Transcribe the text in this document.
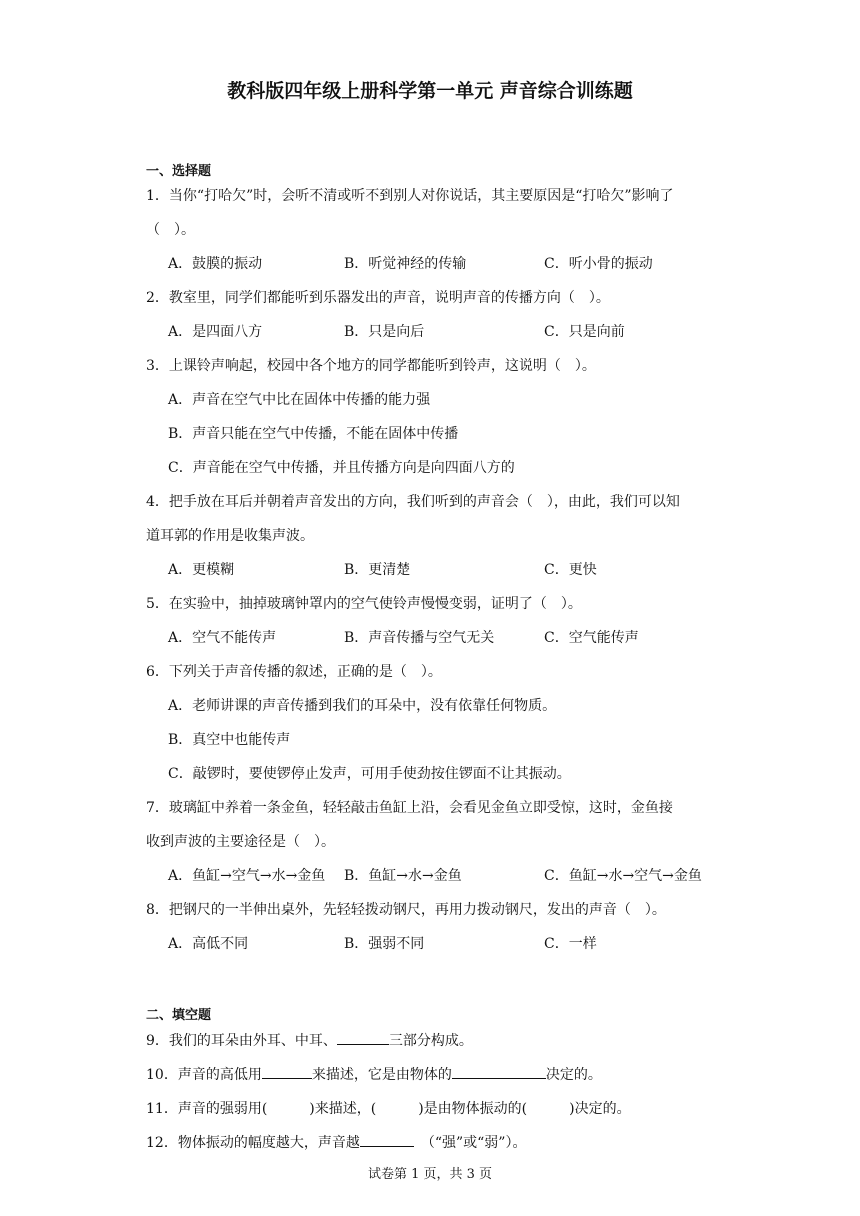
教科版四年级上册科学第一单元 声音综合训练题
一、选择题
1．当你“打哈欠”时，会听不清或听不到别人对你说话，其主要原因是“打哈欠”影响了
（　）。
A．鼓膜的振动	B．听觉神经的传输	C．听小骨的振动
2．教室里，同学们都能听到乐器发出的声音，说明声音的传播方向（　）。
A．是四面八方	B．只是向后	C．只是向前
3．上课铃声响起，校园中各个地方的同学都能听到铃声，这说明（　）。
A．声音在空气中比在固体中传播的能力强
B．声音只能在空气中传播，不能在固体中传播
C．声音能在空气中传播，并且传播方向是向四面八方的
4．把手放在耳后并朝着声音发出的方向，我们听到的声音会（　），由此，我们可以知
道耳郭的作用是收集声波。
A．更模糊	B．更清楚	C．更快
5．在实验中，抽掉玻璃钟罩内的空气使铃声慢慢变弱，证明了（　）。
A．空气不能传声	B．声音传播与空气无关	C．空气能传声
6．下列关于声音传播的叙述，正确的是（　）。
A．老师讲课的声音传播到我们的耳朵中，没有依靠任何物质。
B．真空中也能传声
C．敲锣时，要使锣停止发声，可用手使劲按住锣面不让其振动。
7．玻璃缸中养着一条金鱼，轻轻敲击鱼缸上沿，会看见金鱼立即受惊，这时，金鱼接
收到声波的主要途径是（　）。
A．鱼缸→空气→水→金鱼 B．鱼缸→水→金鱼	C．鱼缸→水→空气→金鱼
8．把钢尺的一半伸出桌外，先轻轻拨动钢尺，再用力拨动钢尺，发出的声音（　）。
A．高低不同	B．强弱不同	C．一样
二、填空题
9．我们的耳朵由外耳、中耳、	三部分构成。
10．声音的高低用	来描述，它是由物体的	决定的。
11．声音的强弱用(　　　)来描述，(　　　)是由物体振动的(　　　)决定的。
12．物体振动的幅度越大，声音越	　（“强”或“弱”）。
试卷第 1 页，共 3 页
